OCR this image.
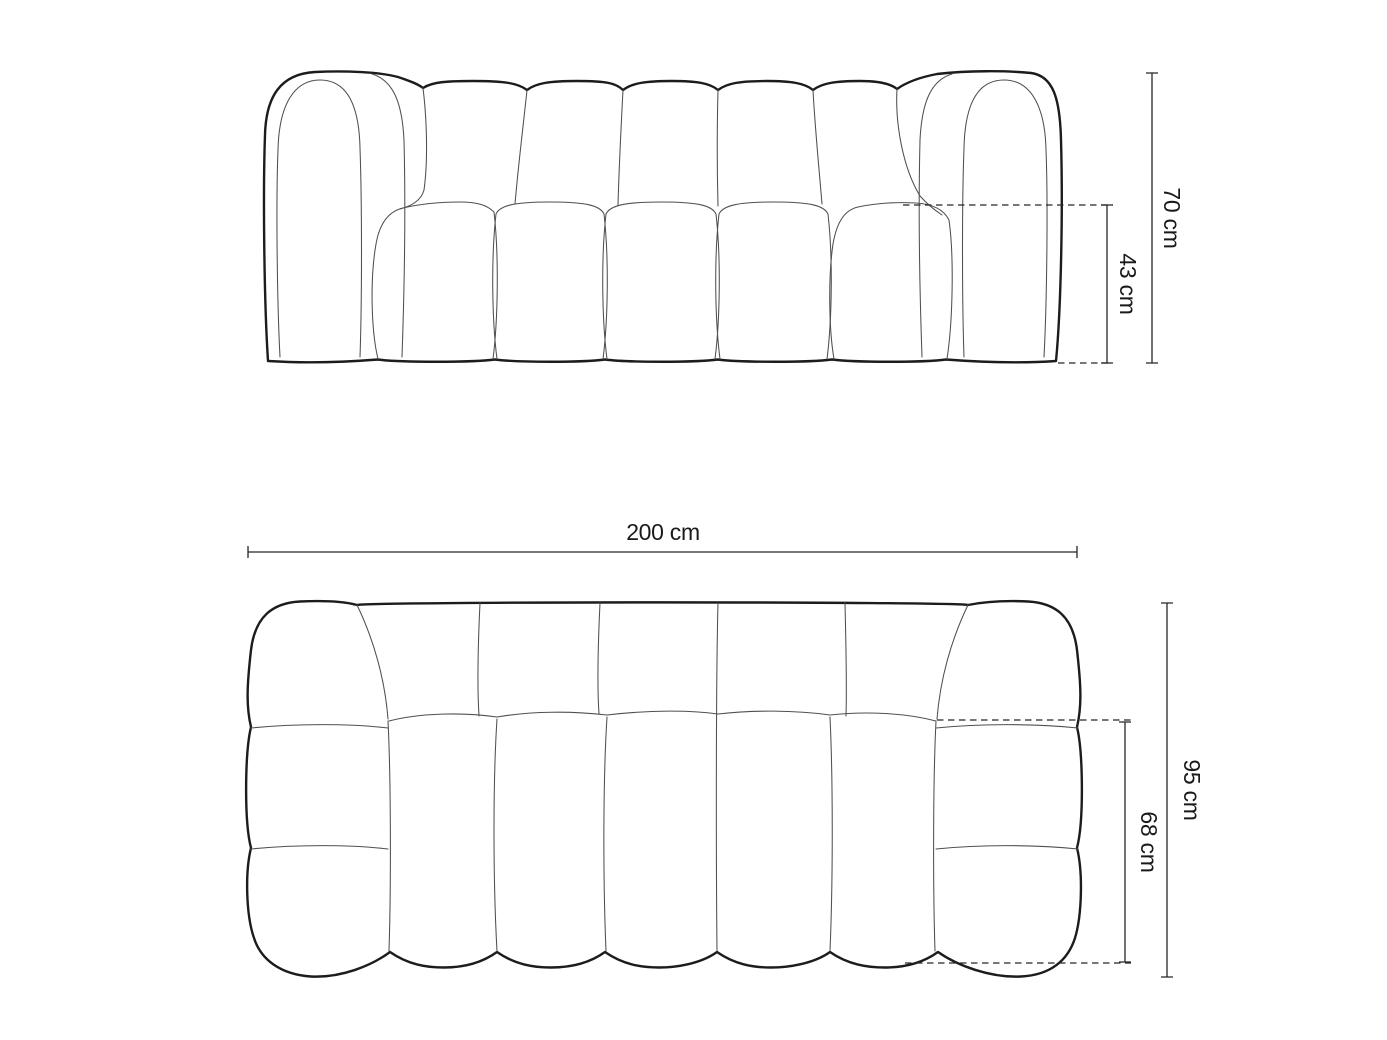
43 cm
70 cm
200 cm
68 cm
95 cm
